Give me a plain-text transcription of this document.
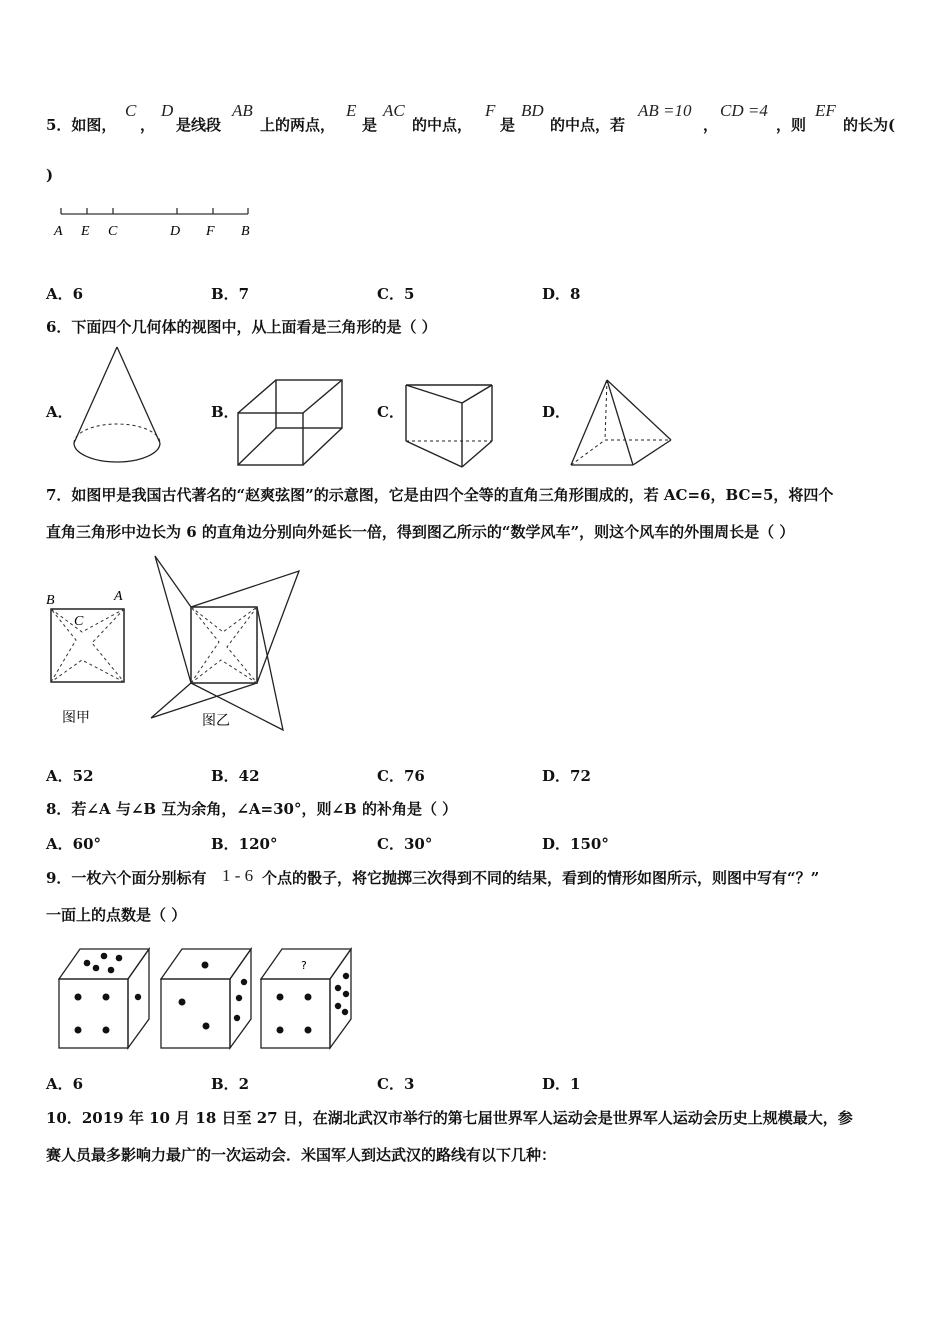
5．如图，
C
，
D
是线段
AB
上的两点，
E
是
AC
的中点，
F
是
BD
的中点，若
AB =10
，
CD =4
，则
EF
的长为(
)
A E C	D F B
A．6	B．7	C．5	D．8
6．下面四个几何体的视图中，从上面看是三角形的是（ ）
A．	B．	C．	D．
7．如图甲是我国古代著名的“赵爽弦图”的示意图，它是由四个全等的直角三角形围成的，若 AC=6，BC=5，将四个
直角三角形中边长为 6 的直角边分别向外延长一倍，得到图乙所示的“数学风车”，则这个风车的外围周长是（ ）
B	A
C
图甲	图乙
A．52	B．42	C．76	D．72
8．若∠A 与∠B 互为余角，∠A=30°，则∠B 的补角是（ ）
A．60°	B．120°	C．30°	D．150°
9．一枚六个面分别标有 1 - 6 个点的骰子，将它抛掷三次得到不同的结果，看到的情形如图所示，则图中写有“？”
一面上的点数是（ ）
?
A．6	B．2	C．3	D．1
10．2019 年 10 月 18 日至 27 日，在湖北武汉市举行的第七届世界军人运动会是世界军人运动会历史上规模最大，参
赛人员最多影响力最广的一次运动会．米国军人到达武汉的路线有以下几种：
